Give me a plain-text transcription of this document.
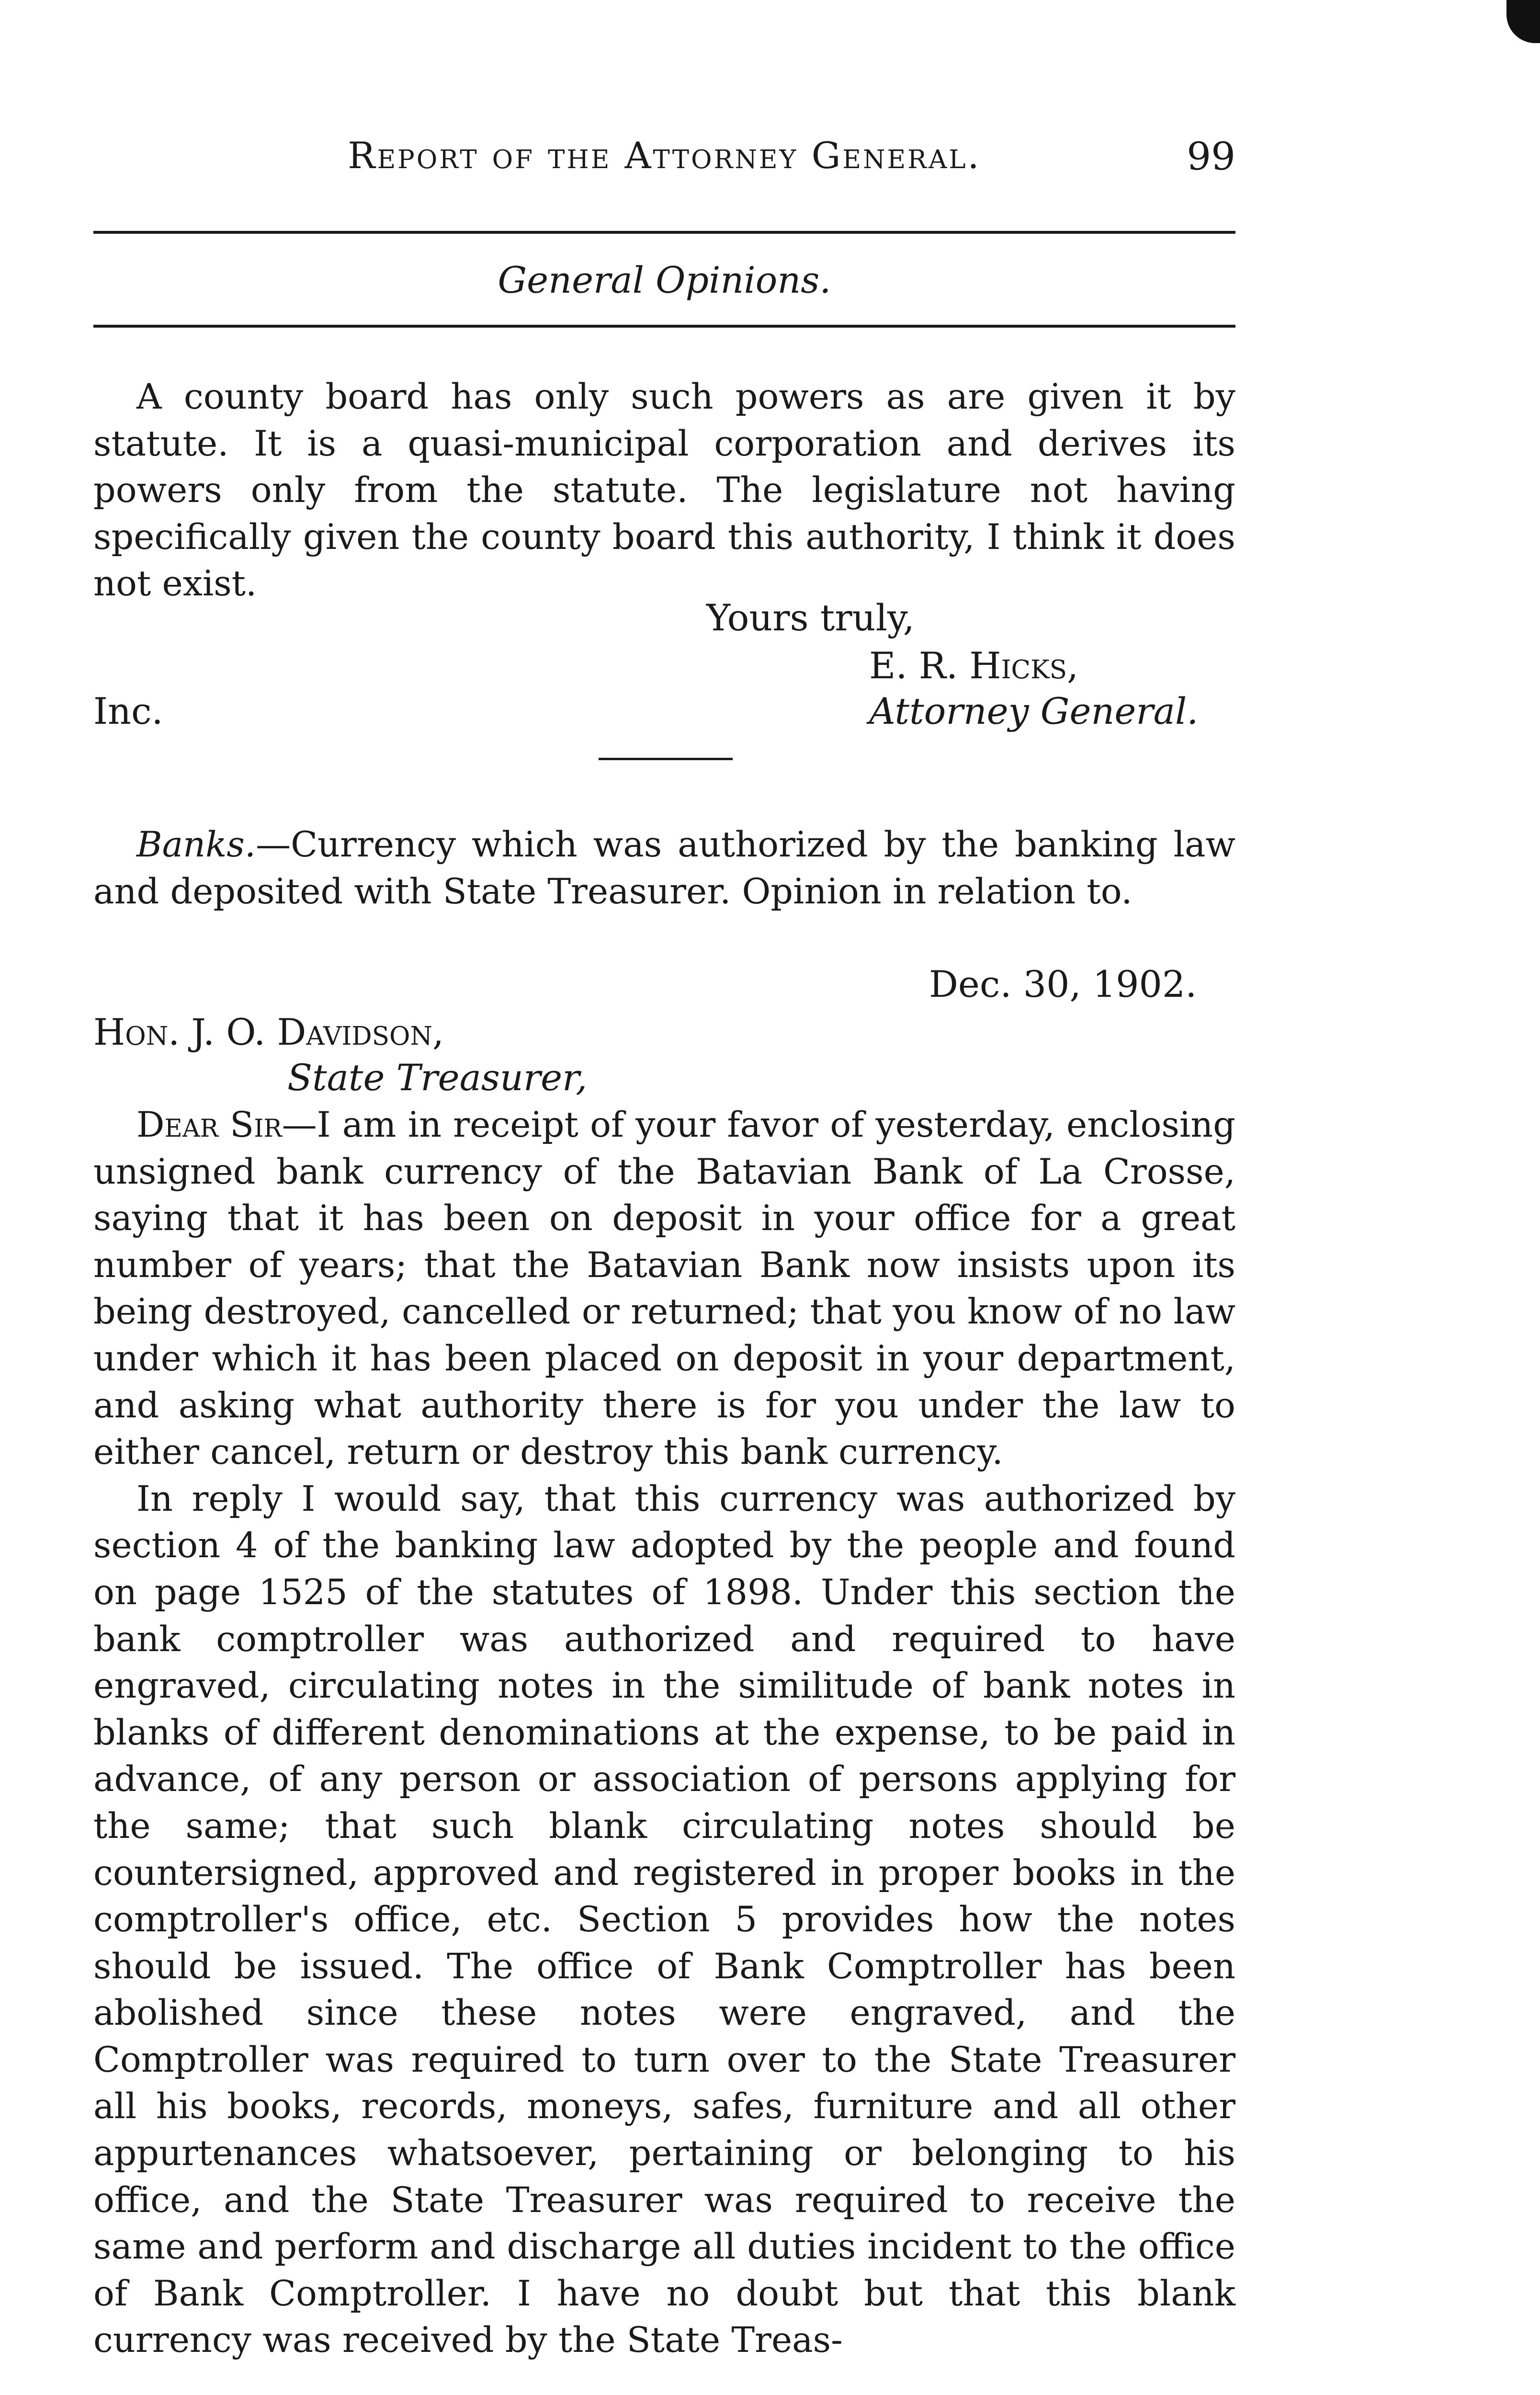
Report of the Attorney General.	99
General Opinions.

A county board has only such powers as are given it by statute. It is a quasi-municipal corporation and derives its powers only from the statute. The legislature not having specifically given the county board this authority, I think it does not exist.

Yours truly,
E. R. Hicks,
Inc.	Attorney General.

Banks.—Currency which was authorized by the banking law and deposited with State Treasurer. Opinion in relation to.

Dec. 30, 1902.
Hon. J. O. Davidson,
State Treasurer,

Dear Sir—I am in receipt of your favor of yesterday, enclosing unsigned bank currency of the Batavian Bank of La Crosse, saying that it has been on deposit in your office for a great number of years; that the Batavian Bank now insists upon its being destroyed, cancelled or returned; that you know of no law under which it has been placed on deposit in your department, and asking what authority there is for you under the law to either cancel, return or destroy this bank currency.

In reply I would say, that this currency was authorized by section 4 of the banking law adopted by the people and found on page 1525 of the statutes of 1898. Under this section the bank comptroller was authorized and required to have engraved, circulating notes in the similitude of bank notes in blanks of different denominations at the expense, to be paid in advance, of any person or association of persons applying for the same; that such blank circulating notes should be countersigned, approved and registered in proper books in the comptroller's office, etc. Section 5 provides how the notes should be issued. The office of Bank Comptroller has been abolished since these notes were engraved, and the Comptroller was required to turn over to the State Treasurer all his books, records, moneys, safes, furniture and all other appurtenances whatsoever, pertaining or belonging to his office, and the State Treasurer was required to receive the same and perform and discharge all duties incident to the office of Bank Comptroller. I have no doubt but that this blank currency was received by the State Treas-
